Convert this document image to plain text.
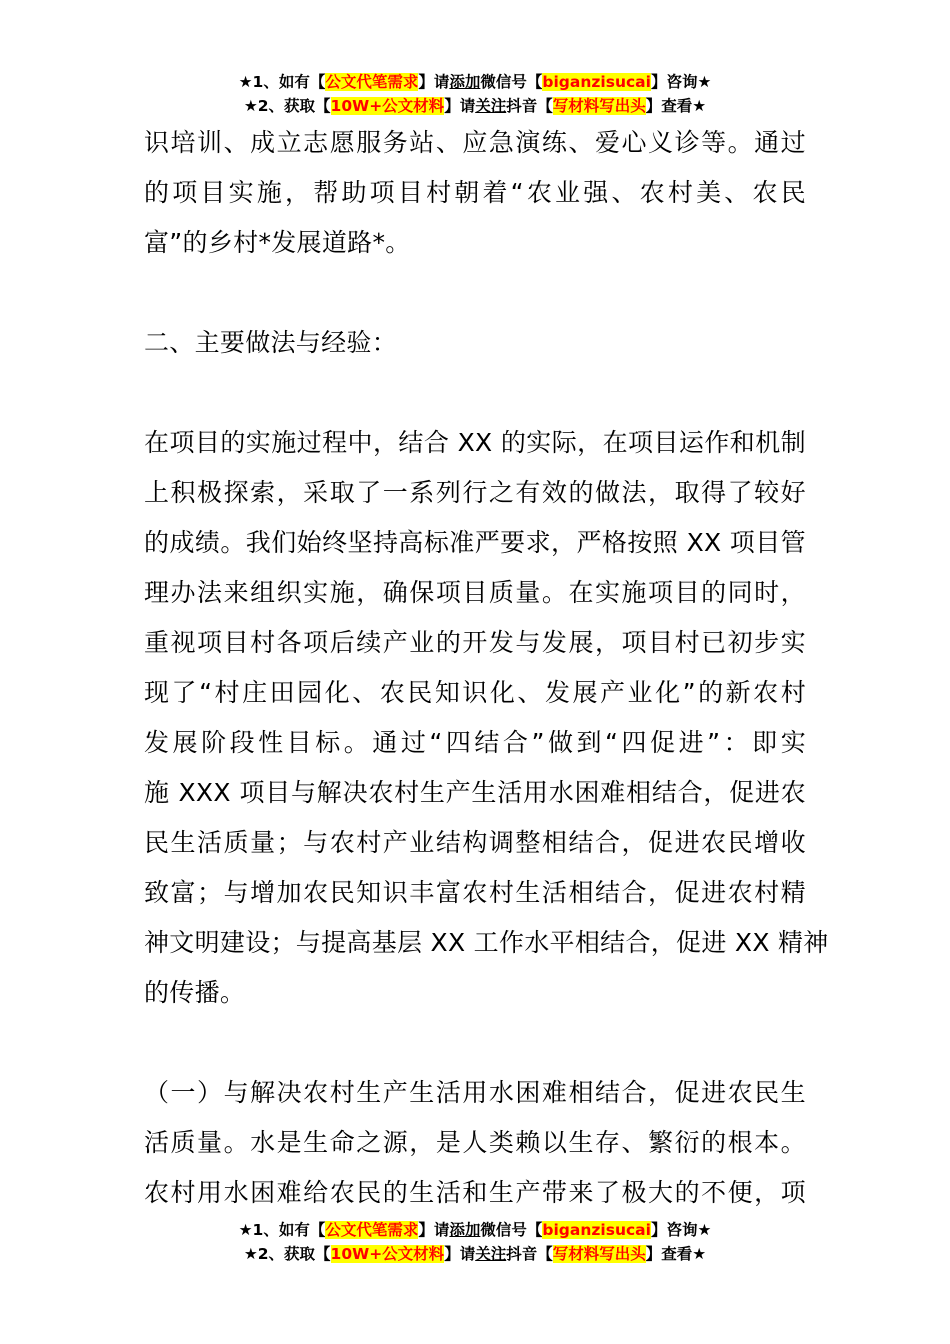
★1、如有【公文代笔需求】请添加微信号【biganzisucai】咨询★
★2、获取【10W+公文材料】请关注抖音【写材料写出头】查看★
识培训、成立志愿服务站、应急演练、爱心义诊等。通过
的项目实施，帮助项目村朝着“农业强、农村美、农民
富”的乡村*发展道路*。
二、主要做法与经验：
在项目的实施过程中，结合 XX 的实际，在项目运作和机制
上积极探索，采取了一系列行之有效的做法，取得了较好
的成绩。我们始终坚持高标准严要求，严格按照 XX 项目管
理办法来组织实施，确保项目质量。在实施项目的同时，
重视项目村各项后续产业的开发与发展，项目村已初步实
现了“村庄田园化、农民知识化、发展产业化”的新农村
发展阶段性目标。通过“四结合”做到“四促进”：即实
施 XXX 项目与解决农村生产生活用水困难相结合，促进农
民生活质量；与农村产业结构调整相结合，促进农民增收
致富；与增加农民知识丰富农村生活相结合，促进农村精
神文明建设；与提高基层 XX 工作水平相结合，促进 XX 精神
的传播。
（一）与解决农村生产生活用水困难相结合，促进农民生
活质量。水是生命之源，是人类赖以生存、繁衍的根本。
农村用水困难给农民的生活和生产带来了极大的不便，项
★1、如有【公文代笔需求】请添加微信号【biganzisucai】咨询★
★2、获取【10W+公文材料】请关注抖音【写材料写出头】查看★
